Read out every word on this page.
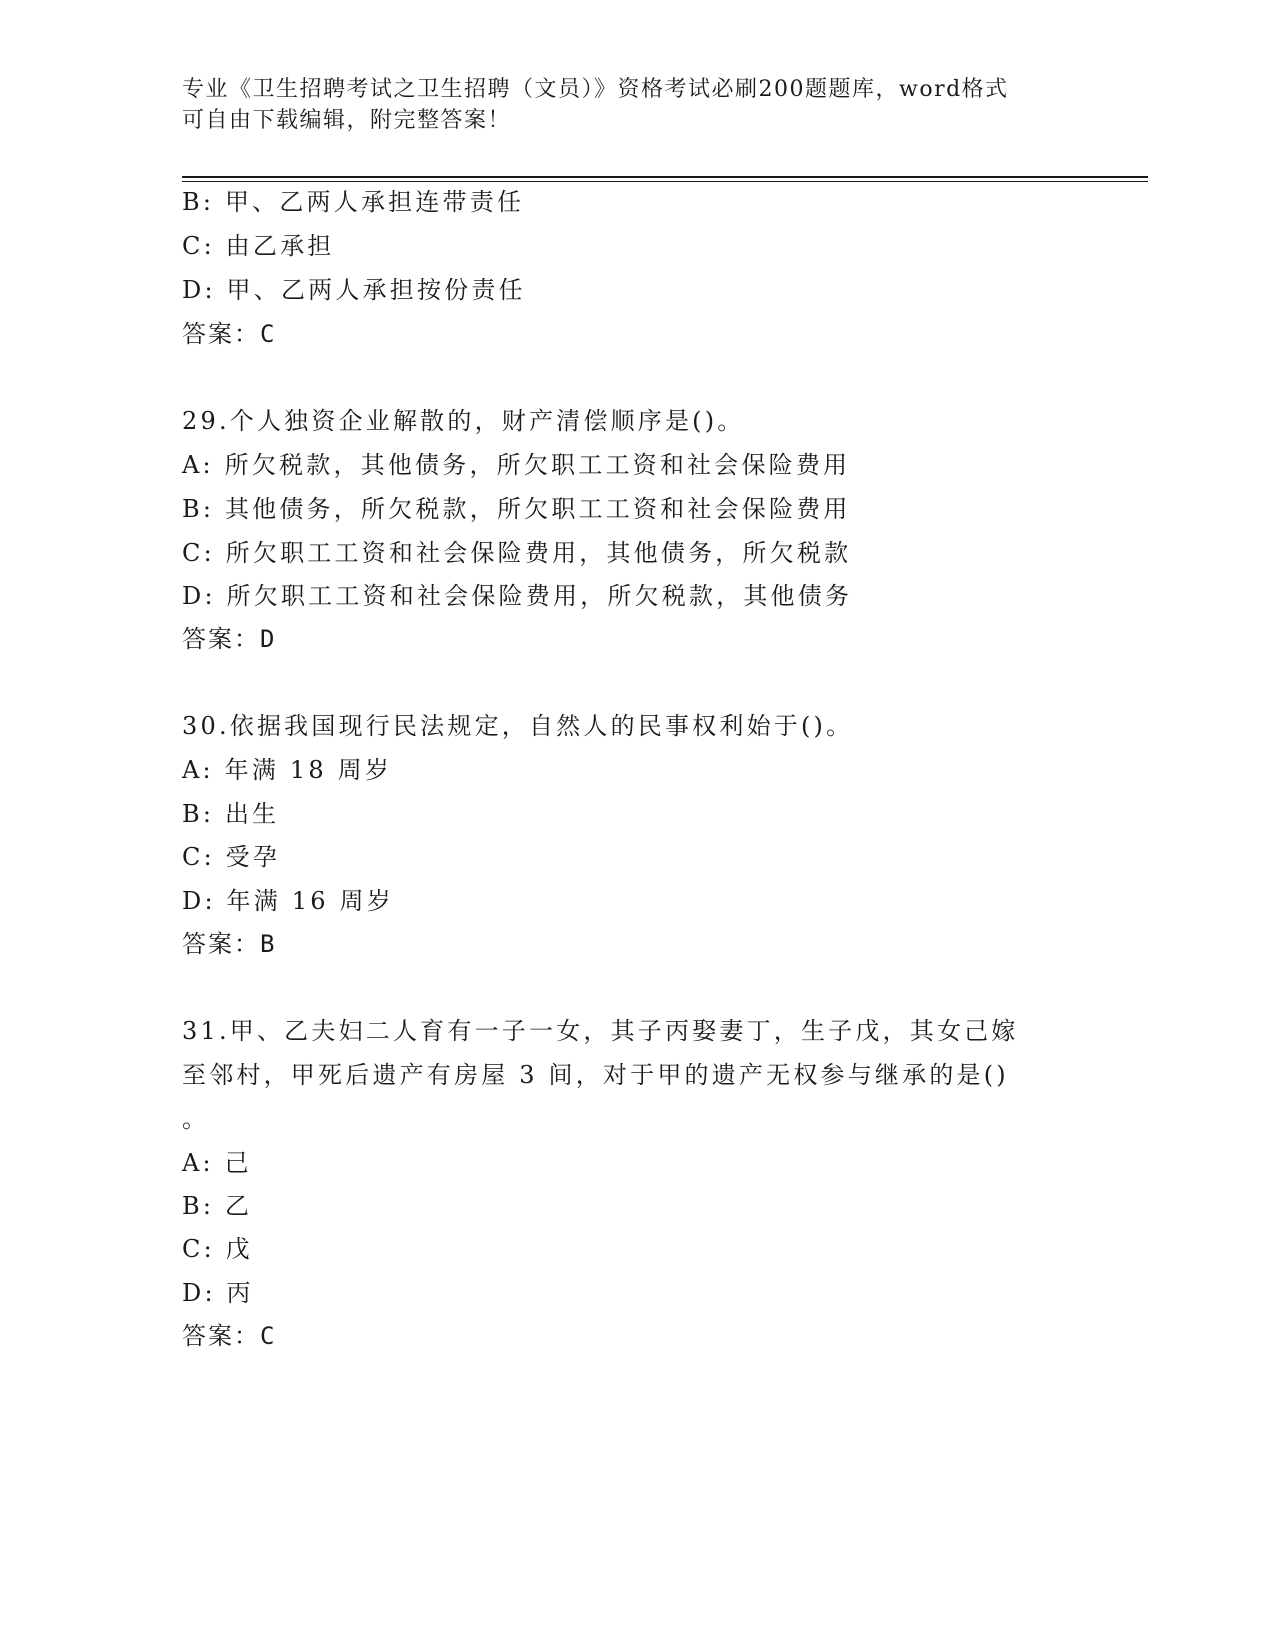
专业《卫生招聘考试之卫生招聘（文员）》资格考试必刷200题题库，word格式
可自由下载编辑，附完整答案！
B: 甲、乙两人承担连带责任
C: 由乙承担
D: 甲、乙两人承担按份责任
答案：C
29.个人独资企业解散的，财产清偿顺序是()。
A: 所欠税款，其他债务，所欠职工工资和社会保险费用
B: 其他债务，所欠税款，所欠职工工资和社会保险费用
C: 所欠职工工资和社会保险费用，其他债务，所欠税款
D: 所欠职工工资和社会保险费用，所欠税款，其他债务
答案：D
30.依据我国现行民法规定，自然人的民事权利始于()。
A: 年满 18 周岁
B: 出生
C: 受孕
D: 年满 16 周岁
答案：B
31.甲、乙夫妇二人育有一子一女，其子丙娶妻丁，生子戊，其女己嫁
至邻村，甲死后遗产有房屋 3 间，对于甲的遗产无权参与继承的是()
。
A: 己
B: 乙
C: 戊
D: 丙
答案：C
